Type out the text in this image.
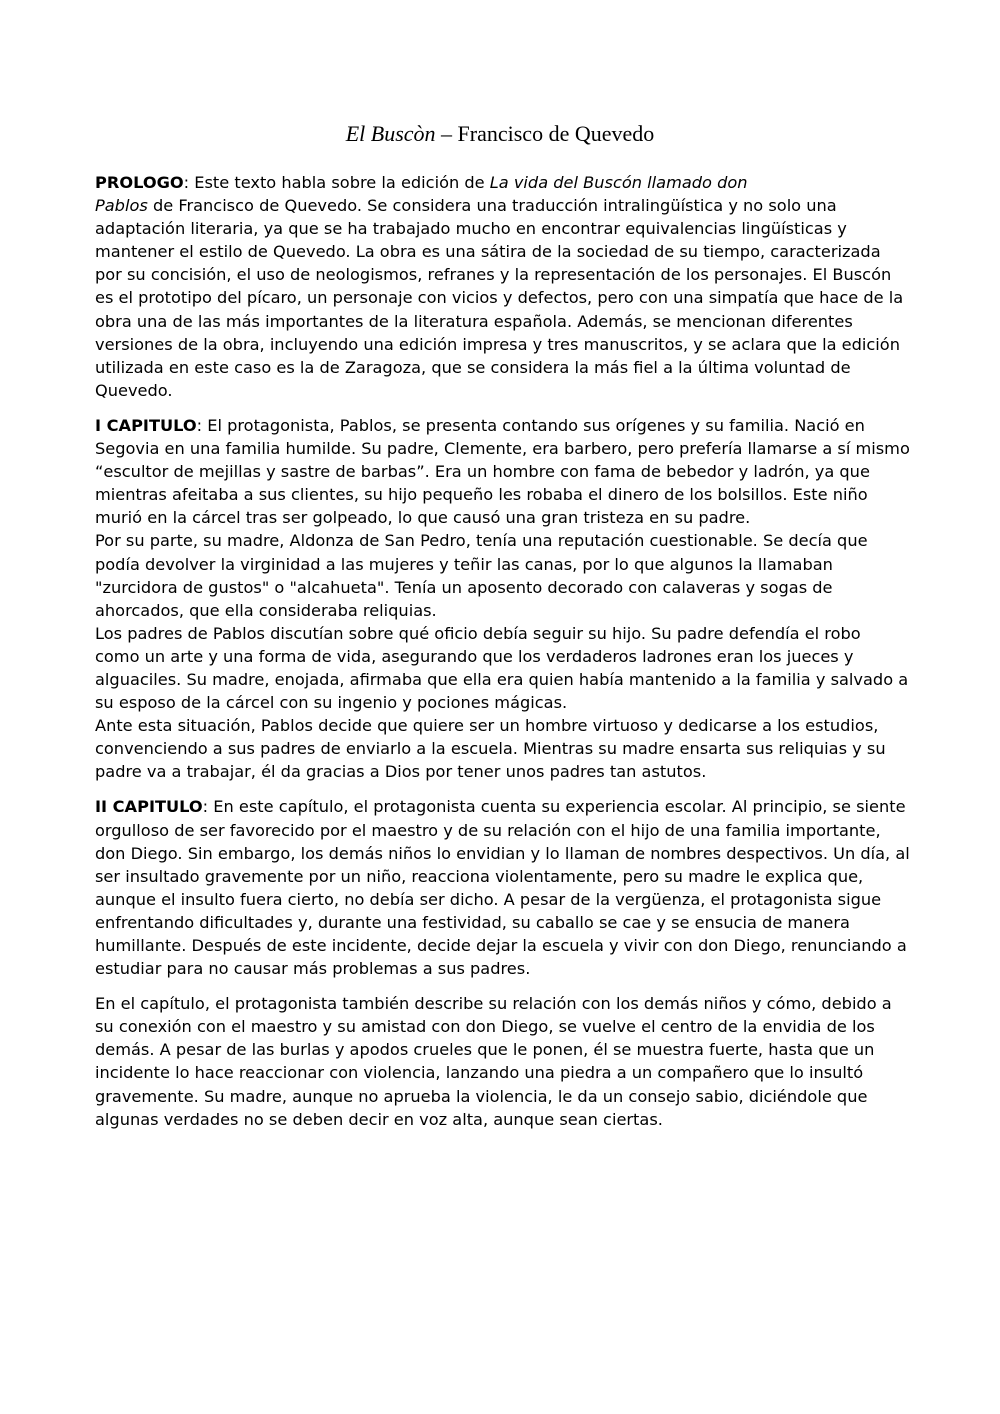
El Buscòn – Francisco de Quevedo

PROLOGO: Este texto habla sobre la edición de La vida del Buscón llamado don
Pablos de Francisco de Quevedo. Se considera una traducción intralingüística y no solo una adaptación literaria, ya que se ha trabajado mucho en encontrar equivalencias lingüísticas y mantener el estilo de Quevedo. La obra es una sátira de la sociedad de su tiempo, caracterizada por su concisión, el uso de neologismos, refranes y la representación de los personajes. El Buscón es el prototipo del pícaro, un personaje con vicios y defectos, pero con una simpatía que hace de la obra una de las más importantes de la literatura española. Además, se mencionan diferentes versiones de la obra, incluyendo una edición impresa y tres manuscritos, y se aclara que la edición utilizada en este caso es la de Zaragoza, que se considera la más fiel a la última voluntad de Quevedo.

I CAPITULO: El protagonista, Pablos, se presenta contando sus orígenes y su familia. Nació en Segovia en una familia humilde. Su padre, Clemente, era barbero, pero prefería llamarse a sí mismo “escultor de mejillas y sastre de barbas”. Era un hombre con fama de bebedor y ladrón, ya que mientras afeitaba a sus clientes, su hijo pequeño les robaba el dinero de los bolsillos. Este niño murió en la cárcel tras ser golpeado, lo que causó una gran tristeza en su padre.

Por su parte, su madre, Aldonza de San Pedro, tenía una reputación cuestionable. Se decía que podía devolver la virginidad a las mujeres y teñir las canas, por lo que algunos la llamaban "zurcidora de gustos" o "alcahueta". Tenía un aposento decorado con calaveras y sogas de ahorcados, que ella consideraba reliquias.

Los padres de Pablos discutían sobre qué oficio debía seguir su hijo. Su padre defendía el robo como un arte y una forma de vida, asegurando que los verdaderos ladrones eran los jueces y alguaciles. Su madre, enojada, afirmaba que ella era quien había mantenido a la familia y salvado a su esposo de la cárcel con su ingenio y pociones mágicas.

Ante esta situación, Pablos decide que quiere ser un hombre virtuoso y dedicarse a los estudios, convenciendo a sus padres de enviarlo a la escuela. Mientras su madre ensarta sus reliquias y su padre va a trabajar, él da gracias a Dios por tener unos padres tan astutos.

II CAPITULO: En este capítulo, el protagonista cuenta su experiencia escolar. Al principio, se siente orgulloso de ser favorecido por el maestro y de su relación con el hijo de una familia importante, don Diego. Sin embargo, los demás niños lo envidian y lo llaman de nombres despectivos. Un día, al ser insultado gravemente por un niño, reacciona violentamente, pero su madre le explica que, aunque el insulto fuera cierto, no debía ser dicho. A pesar de la vergüenza, el protagonista sigue enfrentando dificultades y, durante una festividad, su caballo se cae y se ensucia de manera humillante. Después de este incidente, decide dejar la escuela y vivir con don Diego, renunciando a estudiar para no causar más problemas a sus padres.

En el capítulo, el protagonista también describe su relación con los demás niños y cómo, debido a su conexión con el maestro y su amistad con don Diego, se vuelve el centro de la envidia de los demás. A pesar de las burlas y apodos crueles que le ponen, él se muestra fuerte, hasta que un incidente lo hace reaccionar con violencia, lanzando una piedra a un compañero que lo insultó gravemente. Su madre, aunque no aprueba la violencia, le da un consejo sabio, diciéndole que algunas verdades no se deben decir en voz alta, aunque sean ciertas.
